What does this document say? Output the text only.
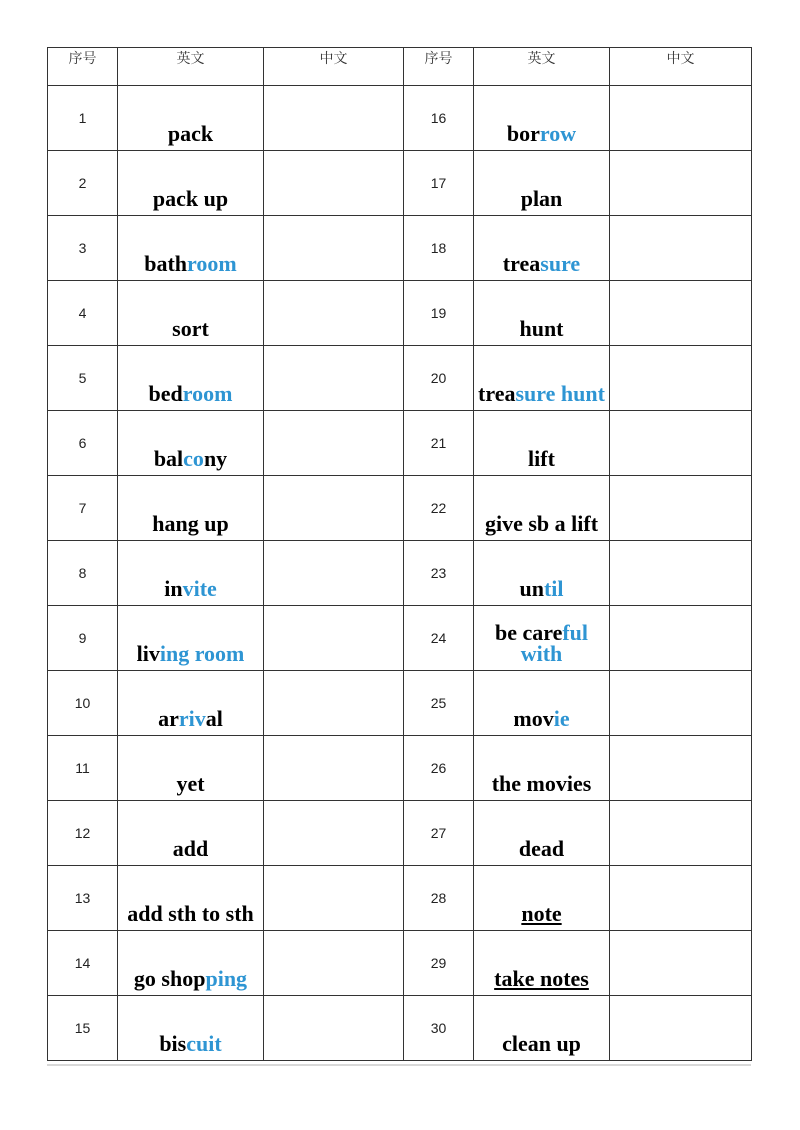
序号	英文	中文	序号	英文	中文

1	pack		16	borrow	

2	pack up		17	plan	

3	bathroom		18	treasure	

4	sort		19	hunt	

5	bedroom		20	treasure hunt	

6	balcony		21	lift	

7	hang up		22	give sb a lift	

8	invite		23	until	

9	living room		24	be careful with	

10	arrival		25	movie	

11	yet		26	the movies	

12	add		27	dead	

13	add sth to sth		28	note	

14	go shopping		29	take notes	

15	biscuit		30	clean up	
